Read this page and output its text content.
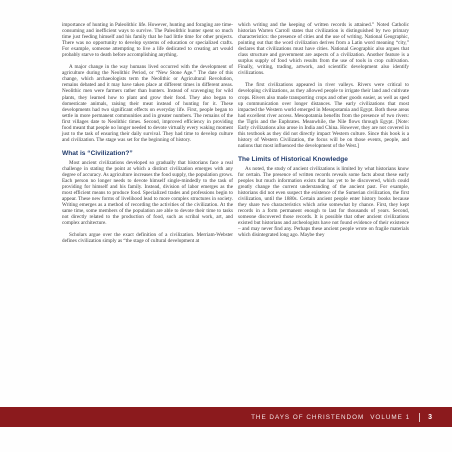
importance of hunting in Paleolithic life. However, hunting and foraging are time-consuming and inefficient ways to survive. The Paleolithic hunter spent so much time just feeding himself and his family that he had little time for other projects. There was no opportunity to develop systems of education or specialized crafts. For example, someone attempting to live a life dedicated to creating art would probably starve to death before accomplishing anything.

A major change in the way humans lived occurred with the development of agriculture during the Neolithic Period, or “New Stone Age.” The date of this change, which archaeologists term the Neolithic or Agricultural Revolution, remains debated and it may have taken place at different times in different areas. Neolithic men were farmers rather than hunters. Instead of scavenging for wild plants, they learned how to plant and grow their food. They also began to domesticate animals, raising their meat instead of hunting for it. These developments had two significant effects on everyday life. First, people began to settle in more permanent communities and in greater numbers. The remains of the first villages date to Neolithic times. Second, improved efficiency in providing food meant that people no longer needed to devote virtually every waking moment just to the task of ensuring their daily survival. They had time to develop culture and civilization. The stage was set for the beginning of history.

What is “Civilization?”

Most ancient civilizations developed so gradually that historians face a real challenge in stating the point at which a distinct civilization emerges with any degree of accuracy. As agriculture increases the food supply, the population grows. Each person no longer needs to devote himself single-mindedly to the task of providing for himself and his family. Instead, division of labor emerges as the most efficient means to produce food. Specialized trades and professions begin to appear. These new forms of livelihood lead to more complex structures in society. Writing emerges as a method of recording the activities of the civilization. At the same time, some members of the population are able to devote their time to tasks not directly related to the production of food, such as scribal work, art, and complex architecture.

Scholars argue over the exact definition of a civilization. Merriam-Webster defines civilization simply as “the stage of cultural development at

which writing and the keeping of written records is attained.” Noted Catholic historian Warren Carroll states that civilization is distinguished by two primary characteristics: the presence of cities and the use of writing. National Geographic, pointing out that the word civilization derives from a Latin word meaning “city,” declares that civilizations must have cities. National Geographic also argues that class structure and government are aspects of a civilization. Another feature is a surplus supply of food which results from the use of tools in crop cultivation. Finally, writing, trading, artwork, and scientific development also identify civilizations.

The first civilizations appeared in river valleys. Rivers were critical to developing civilizations, as they allowed people to irrigate their land and cultivate crops. Rivers also made transporting crops and other goods easier, as well as sped up communication over longer distances. The early civilizations that most impacted the Western world emerged in Mesopotamia and Egypt. Both these areas had excellent river access. Mesopotamia benefits from the presence of two rivers: the Tigris and the Euphrates. Meanwhile, the Nile flows through Egypt. [Note: Early civilizations also arose in India and China. However, they are not covered in this textbook as they did not directly impact Western culture. Since this book is a history of Western Civilization, the focus will be on those events, people, and nations that most influenced the development of the West.]

The Limits of Historical Knowledge

As noted, the study of ancient civilizations is limited by what historians know for certain. The presence of written records reveals some facts about these early peoples but much information exists that has yet to be discovered, which could greatly change the current understanding of the ancient past. For example, historians did not even suspect the existence of the Sumerian civilization, the first civilization, until the 1880s. Certain ancient people enter history books because they share two characteristics which arise somewhat by chance. First, they kept records in a form permanent enough to last for thousands of years. Second, someone discovered those records. It is possible that other ancient civilizations existed but historians and archeologists have not found evidence of their existence – and may never find any. Perhaps these ancient people wrote on fragile materials which disintegrated long ago. Maybe they

THE DAYS OF CHRISTENDOM VOLUME 1	3
